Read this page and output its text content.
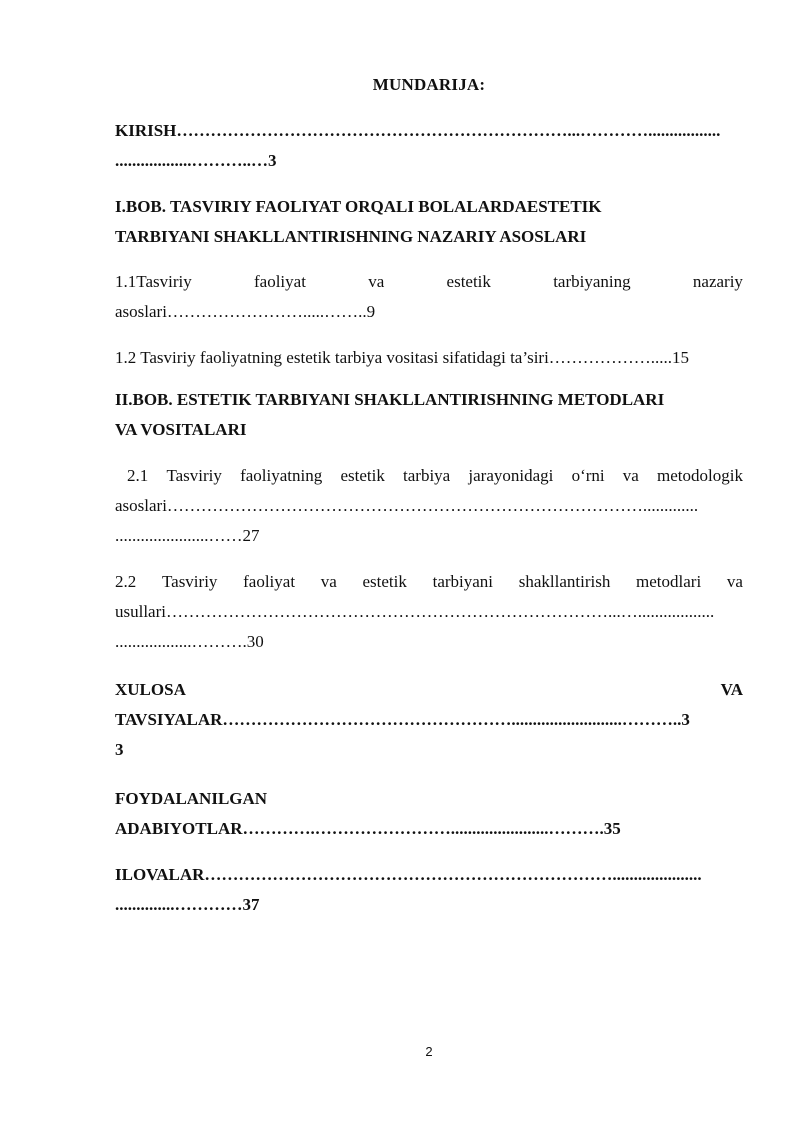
MUNDARIJA:
KIRISH……………………………………………………………...………….................
..................………..…3
I.BOB. TASVIRIY FAOLIYAT ORQALI BOLALARDAESTETIK
TARBIYANI SHAKLLANTIRISHNING NAZARIY ASOSLARI
1.1Tasviriy	faoliyat	va	estetik	tarbiyaning	nazariy
asoslari…………………….....……..9
1.2 Tasviriy faoliyatning estetik tarbiya vositasi sifatidagi ta’siri……………….....15
II.BOB. ESTETIK TARBIYANI SHAKLLANTIRISHNING METODLARI
VA VOSITALARI
2.1 Tasviriy faoliyatning estetik tarbiya jarayonidagi o‘rni va metodologik
asoslari………………………………………………………………………….............
......................……27
2.2 Tasviriy faoliyat va estetik tarbiyani shakllantirish metodlari va
usullari……………………………………………………………………...…..................
..................……….30
XULOSA	VA
TAVSIYALAR……………………………………………..........................………..3
3
FOYDALANILGAN
ADABIYOTLAR………….…………………….......................……….35
ILOVALAR……………………………………………………………….....................
..............…………37
2
